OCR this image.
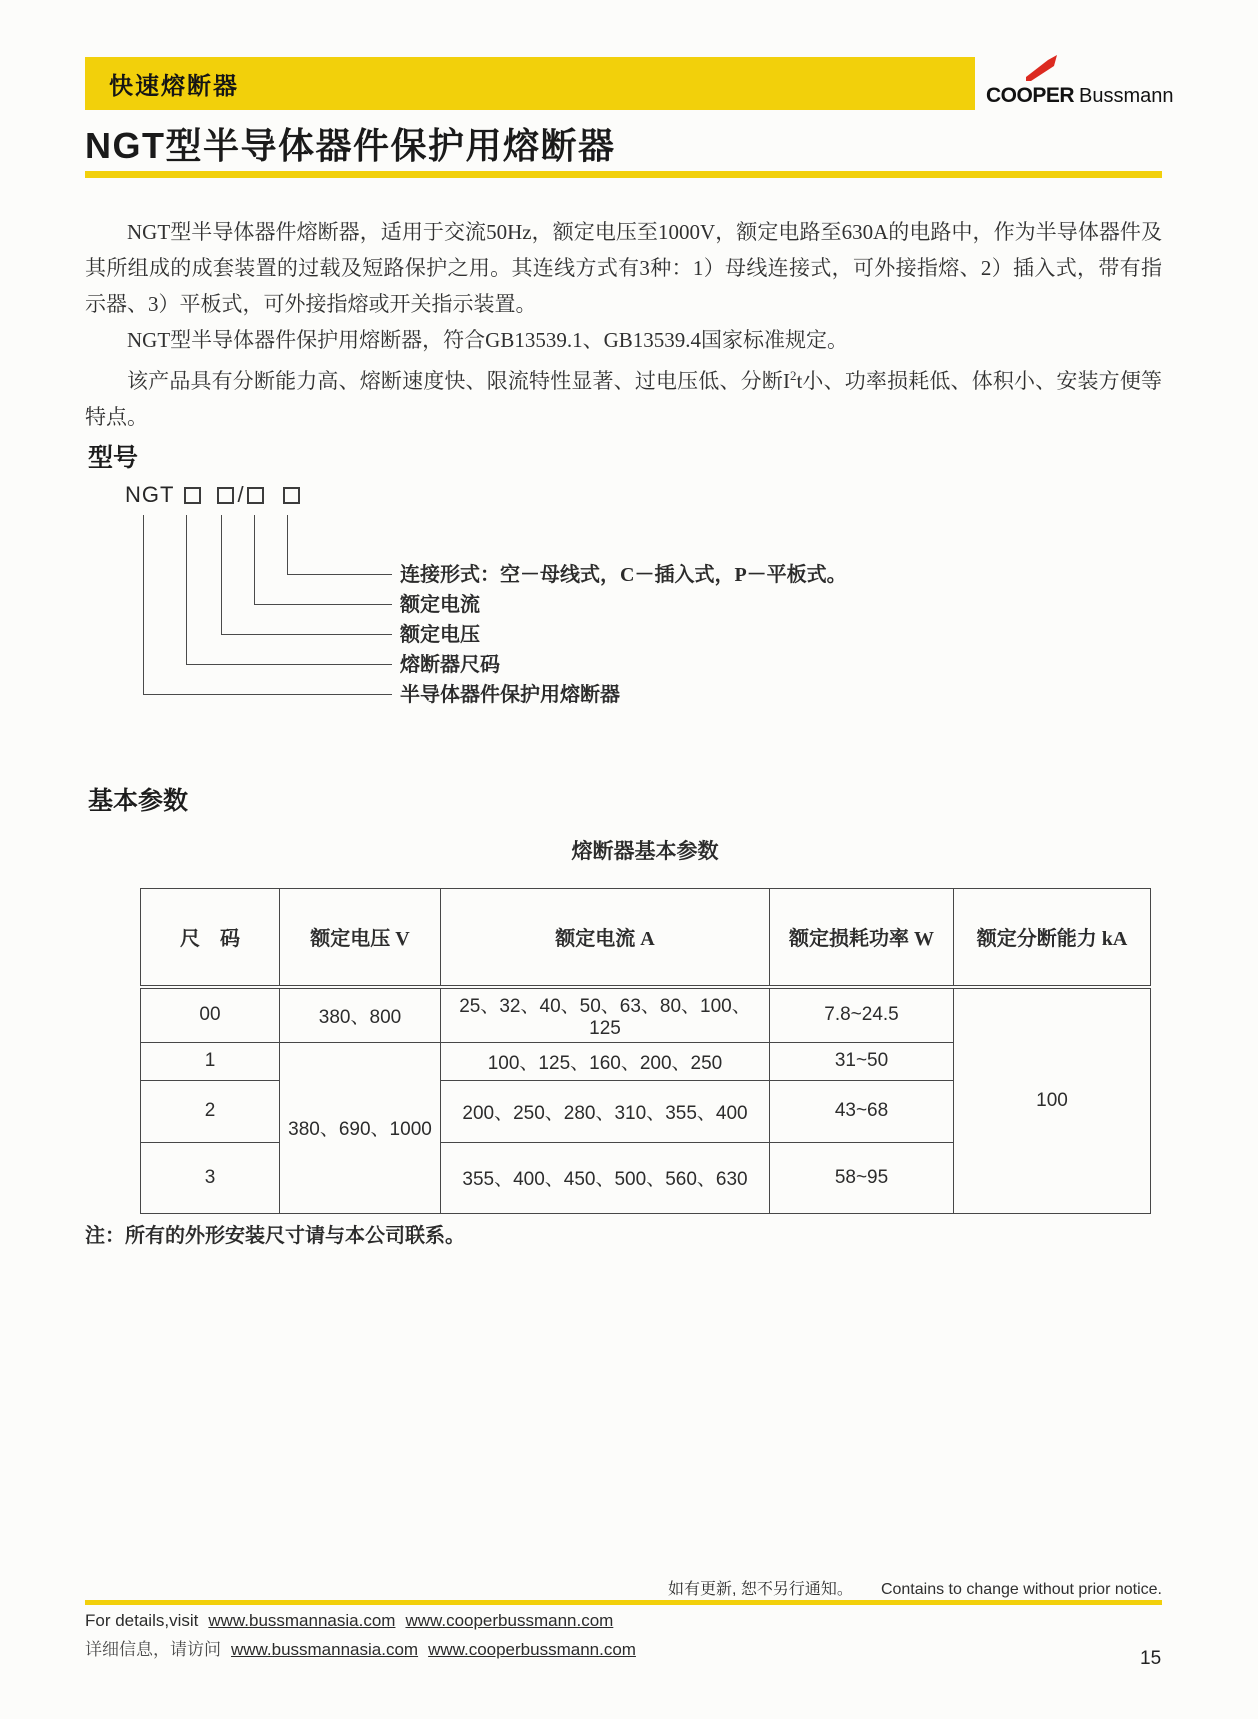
快速熔断器	COOPER Bussmann
NGT型半导体器件保护用熔断器

NGT型半导体器件熔断器，适用于交流50Hz，额定电压至1000V，额定电路至630A的电路中，作为半导体器件及其所组成的成套装置的过载及短路保护之用。其连线方式有3种：1）母线连接式，可外接指熔、2）插入式，带有指示器、3）平板式，可外接指熔或开关指示装置。

NGT型半导体器件保护用熔断器，符合GB13539.1、GB13539.4国家标准规定。

该产品具有分断能力高、熔断速度快、限流特性显著、过电压低、分断$I^2t$小、功率损耗低、体积小、安装方便等特点。

型号
NGT	/
连接形式：空－母线式，C－插入式，P－平板式。
额定电流
额定电压
熔断器尺码
半导体器件保护用熔断器
基本参数
熔断器基本参数
尺　码	额定电压 V	额定电流 A	额定损耗功率 W	额定分断能力 kA
00	380、800	25、32、40、50、63、80、100、125	7.8~24.5	100
1	380、690、1000	100、125、160、200、250	31~50	
2		200、250、280、310、355、400	43~68	
3		355、400、450、500、560、630	58~95	
注：所有的外形安装尺寸请与本公司联系。
如有更新, 恕不另行通知。 Contains to change without prior notice.
For details,visit www.bussmannasia.com www.cooperbussmann.com
详细信息，请访问 www.bussmannasia.com www.cooperbussmann.com	15
